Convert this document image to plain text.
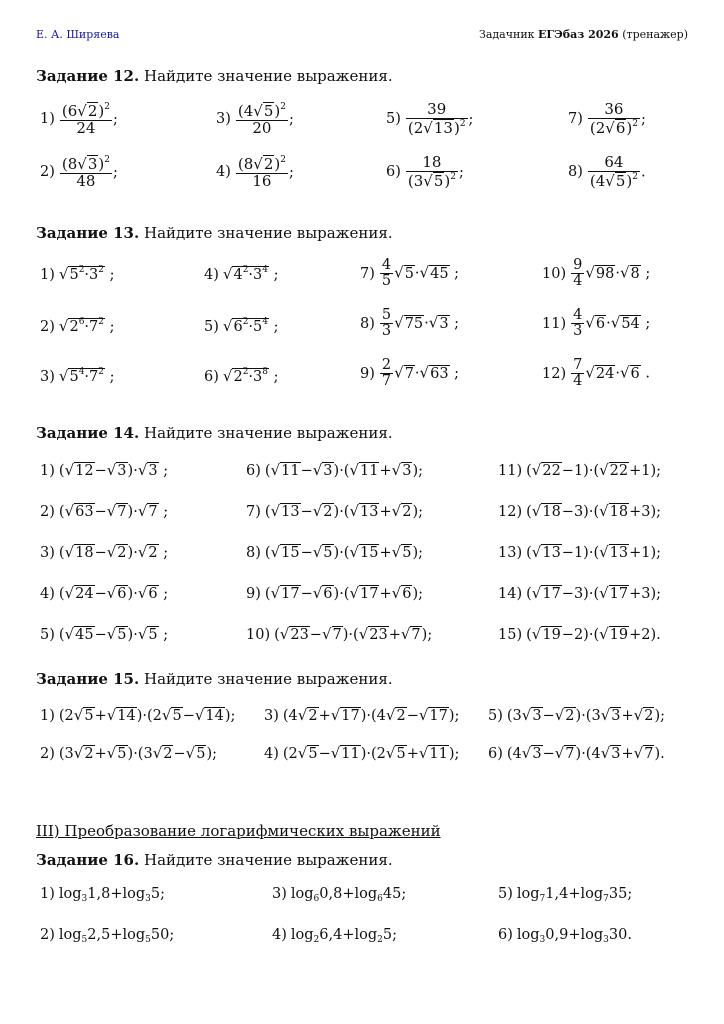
Е. А. Ширяева	Задачник ЕГЭбаз 2026 (тренажер)
Задание 12. Найдите значение выражения.
$1) \frac{(6√2)^2}{24}$ ;	$3) \frac{(4√5)^2}{20}$ ;	$5) \frac{39}{(2√13)^2}$ ;	$7) \frac{36}{(2√6)^2}$ ;
$2) \frac{(8√3)^2}{48}$ ;	$4) \frac{(8√2)^2}{16}$ ;	$6) \frac{18}{(3√5)^2}$ ;	$8) \frac{64}{(4√5)^2}$ .
Задание 13. Найдите значение выражения.
1) $√5^2\cdot 3^2$ ;	4) $√4^2\cdot 3^4$ ;	$7) \frac{4}{5} √5\cdot√45$ ;	$10) \frac{9}{4} √98\cdot√8$ ;
2) $√2^6\cdot 7^2$ ;	5) $√6^2\cdot 5^4$ ;	$8) \frac{5}{3} √75\cdot√3$ ;	$11) \frac{4}{3} √6\cdot√54$ ;
3) $√5^4\cdot 7^2$ ;	6) $√2^2\cdot 3^8$ ;	$9) \frac{2}{7} √7\cdot√63$ ;	$12) \frac{7}{4} √24\cdot√6$ .
Задание 14. Найдите значение выражения.
1) (√12−√3)·√3 ;	6) (√11−√3)·(√11+√3);	11) (√22−1)·(√22+1);
2) (√63−√7)·√7 ;	7) (√13−√2)·(√13+√2);	12) (√18−3)·(√18+3);
3) (√18−√2)·√2 ;	8) (√15−√5)·(√15+√5);	13) (√13−1)·(√13+1);
4) (√24−√6)·√6 ;	9) (√17−√6)·(√17+√6);	14) (√17−3)·(√17+3);
5) (√45−√5)·√5 ;	10) (√23−√7)·(√23+√7);	15) (√19−2)·(√19+2).
Задание 15. Найдите значение выражения.
1) (2√5+√14)·(2√5−√14); 3) (4√2+√17)·(4√2−√17); 5) (3√3−√2)·(3√3+√2);
2) (3√2+√5)·(3√2−√5);	4) (2√5−√11)·(2√5+√11); 6) (4√3−√7)·(4√3+√7).
III) Преобразование логарифмических выражений
Задание 16. Найдите значение выражения.
1) $\log_31,8+\log_35$;	3) $\log_60,8+\log_645$;	5) $\log_71,4+\log_735$;
2) $\log_52,5+\log_550$;	4) $\log_26,4+\log_25$;	6) $\log_30,9+\log_330$.
